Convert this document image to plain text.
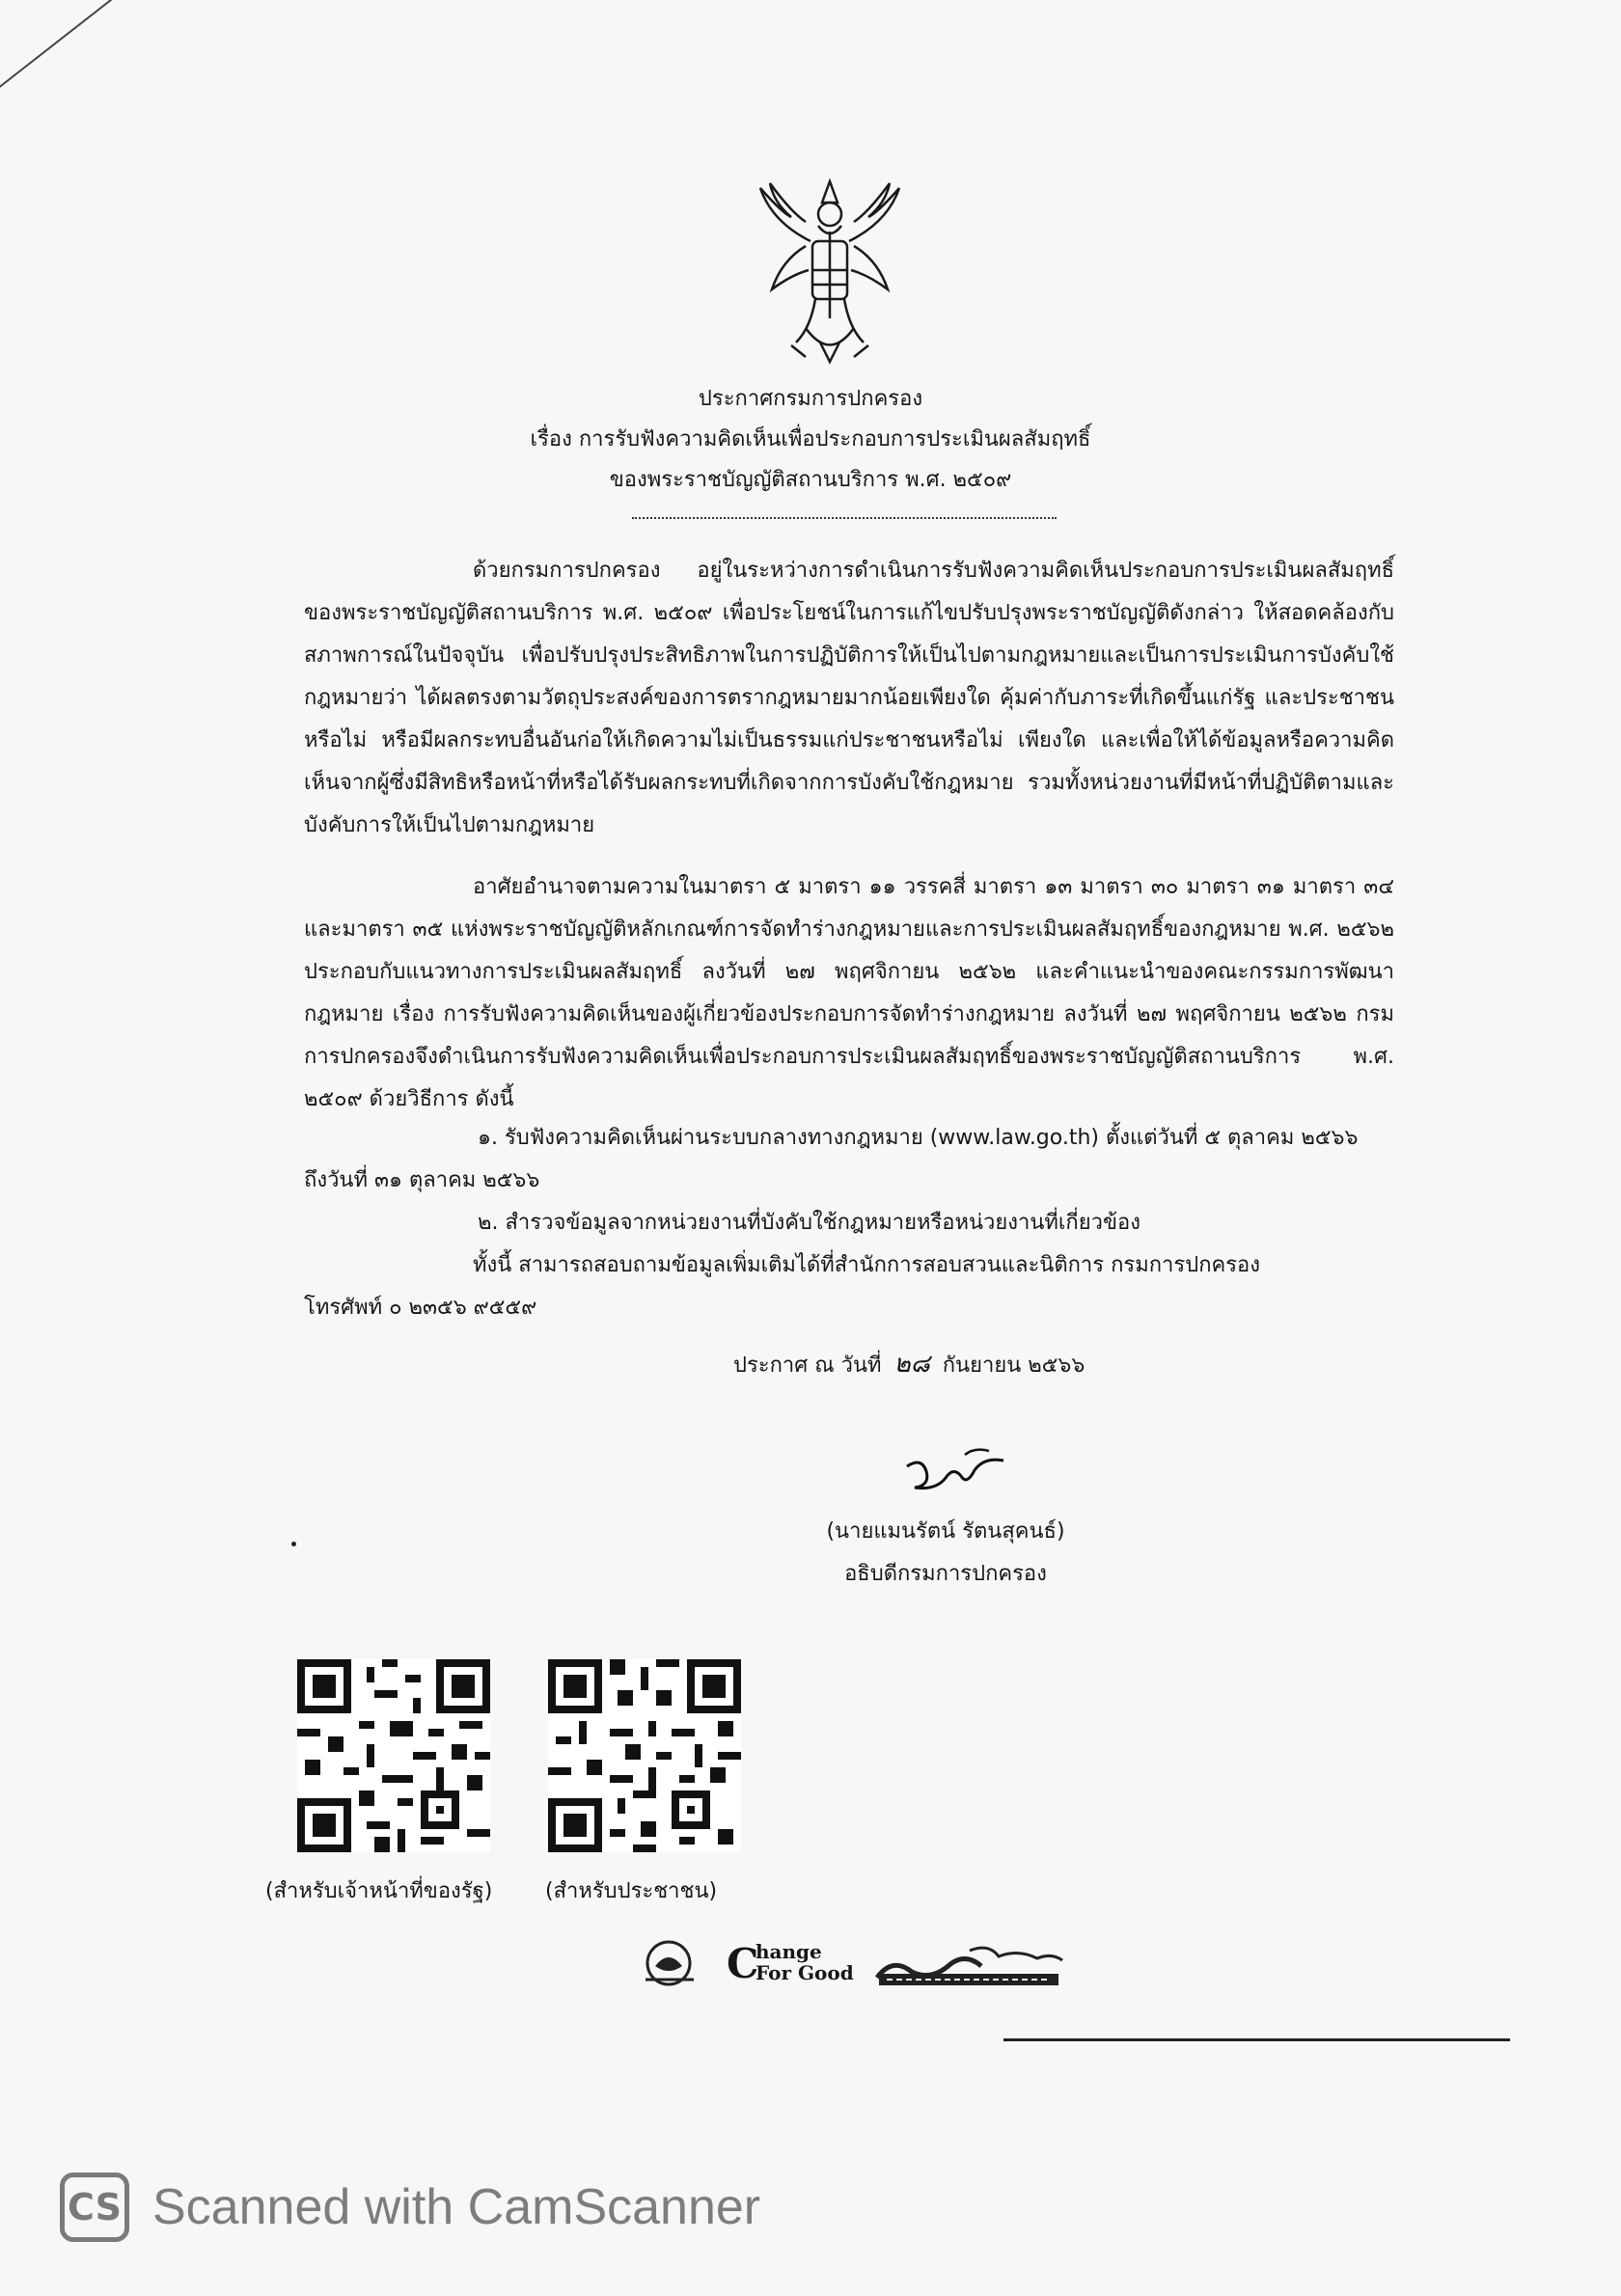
ประกาศกรมการปกครอง
เรื่อง การรับฟังความคิดเห็นเพื่อประกอบการประเมินผลสัมฤทธิ์
ของพระราชบัญญัติสถานบริการ พ.ศ. ๒๕๐๙
ด้วยกรมการปกครอง อยู่ในระหว่างการดำเนินการรับฟังความคิดเห็นประกอบการประเมินผลสัมฤทธิ์ของพระราชบัญญัติสถานบริการ พ.ศ. ๒๕๐๙ เพื่อประโยชน์ในการแก้ไขปรับปรุงพระราชบัญญัติดังกล่าว ให้สอดคล้องกับสภาพการณ์ในปัจจุบัน เพื่อปรับปรุงประสิทธิภาพในการปฏิบัติการให้เป็นไปตามกฎหมายและเป็นการประเมินการบังคับใช้กฎหมายว่า ได้ผลตรงตามวัตถุประสงค์ของการตรากฎหมายมากน้อยเพียงใด คุ้มค่ากับภาระที่เกิดขึ้นแก่รัฐ และประชาชนหรือไม่ หรือมีผลกระทบอื่นอันก่อให้เกิดความไม่เป็นธรรมแก่ประชาชนหรือไม่ เพียงใด และเพื่อให้ได้ข้อมูลหรือความคิดเห็นจากผู้ซึ่งมีสิทธิหรือหน้าที่หรือได้รับผลกระทบที่เกิดจากการบังคับใช้กฎหมาย รวมทั้งหน่วยงานที่มีหน้าที่ปฏิบัติตามและบังคับการให้เป็นไปตามกฎหมาย
อาศัยอำนาจตามความในมาตรา ๕ มาตรา ๑๑ วรรคสี่ มาตรา ๑๓ มาตรา ๓๐ มาตรา ๓๑ มาตรา ๓๔ และมาตรา ๓๕ แห่งพระราชบัญญัติหลักเกณฑ์การจัดทำร่างกฎหมายและการประเมินผลสัมฤทธิ์ของกฎหมาย พ.ศ. ๒๕๖๒ ประกอบกับแนวทางการประเมินผลสัมฤทธิ์ ลงวันที่ ๒๗ พฤศจิกายน ๒๕๖๒ และคำแนะนำของคณะกรรมการพัฒนากฎหมาย เรื่อง การรับฟังความคิดเห็นของผู้เกี่ยวข้องประกอบการจัดทำร่างกฎหมาย ลงวันที่ ๒๗ พฤศจิกายน ๒๕๖๒ กรมการปกครองจึงดำเนินการรับฟังความคิดเห็นเพื่อประกอบการประเมินผลสัมฤทธิ์ของพระราชบัญญัติสถานบริการ พ.ศ. ๒๕๐๙ ด้วยวิธีการ ดังนี้
๑. รับฟังความคิดเห็นผ่านระบบกลางทางกฎหมาย (www.law.go.th) ตั้งแต่วันที่ ๕ ตุลาคม ๒๕๖๖
ถึงวันที่ ๓๑ ตุลาคม ๒๕๖๖
๒. สำรวจข้อมูลจากหน่วยงานที่บังคับใช้กฎหมายหรือหน่วยงานที่เกี่ยวข้อง
ทั้งนี้ สามารถสอบถามข้อมูลเพิ่มเติมได้ที่สำนักการสอบสวนและนิติการ กรมการปกครอง
โทรศัพท์ ๐ ๒๓๕๖ ๙๕๕๙
ประกาศ ณ วันที่ ๒๘ กันยายน ๒๕๖๖
(นายแมนรัตน์ รัตนสุคนธ์)
อธิบดีกรมการปกครอง
(สำหรับเจ้าหน้าที่ของรัฐ) (สำหรับประชาชน)
C
hange
For Good
CS Scanned with CamScanner
